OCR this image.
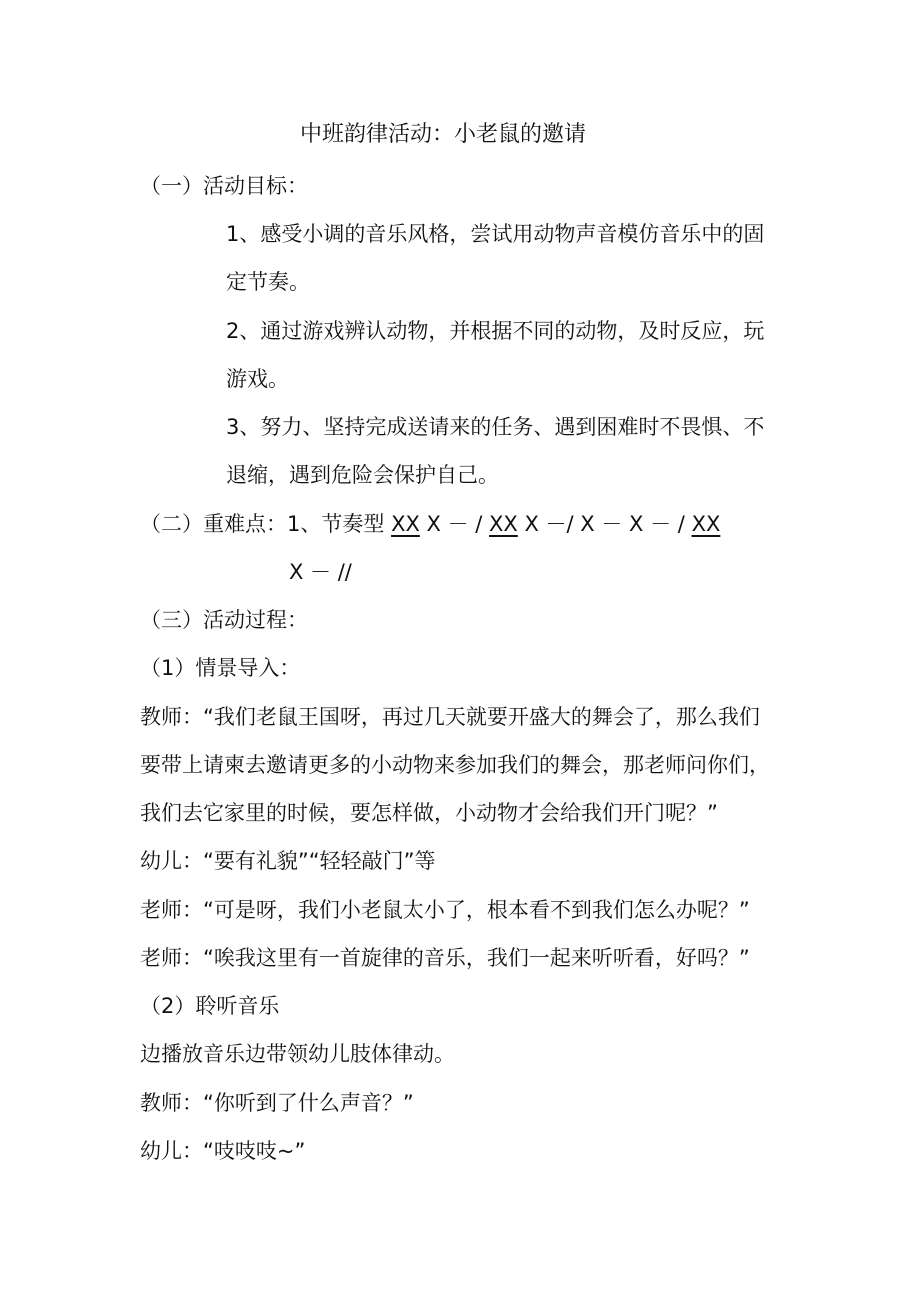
中班韵律活动：小老鼠的邀请
（一）活动目标：
1、感受小调的音乐风格，尝试用动物声音模仿音乐中的固
定节奏。
2、通过游戏辨认动物，并根据不同的动物，及时反应，玩
游戏。
3、努力、坚持完成送请来的任务、遇到困难时不畏惧、不
退缩，遇到危险会保护自己。
（二）重难点：1、节奏型 XX X － / XX X －/ X － X － / XX
X － //
（三）活动过程：
（1）情景导入：
教师：“我们老鼠王国呀，再过几天就要开盛大的舞会了，那么我们
要带上请柬去邀请更多的小动物来参加我们的舞会，那老师问你们，
我们去它家里的时候，要怎样做，小动物才会给我们开门呢？”
幼儿：“要有礼貌”“轻轻敲门”等
老师：“可是呀，我们小老鼠太小了，根本看不到我们怎么办呢？”
老师：“唉我这里有一首旋律的音乐，我们一起来听听看，好吗？”
（2）聆听音乐
边播放音乐边带领幼儿肢体律动。
教师：“你听到了什么声音？”
幼儿：“吱吱吱~”
